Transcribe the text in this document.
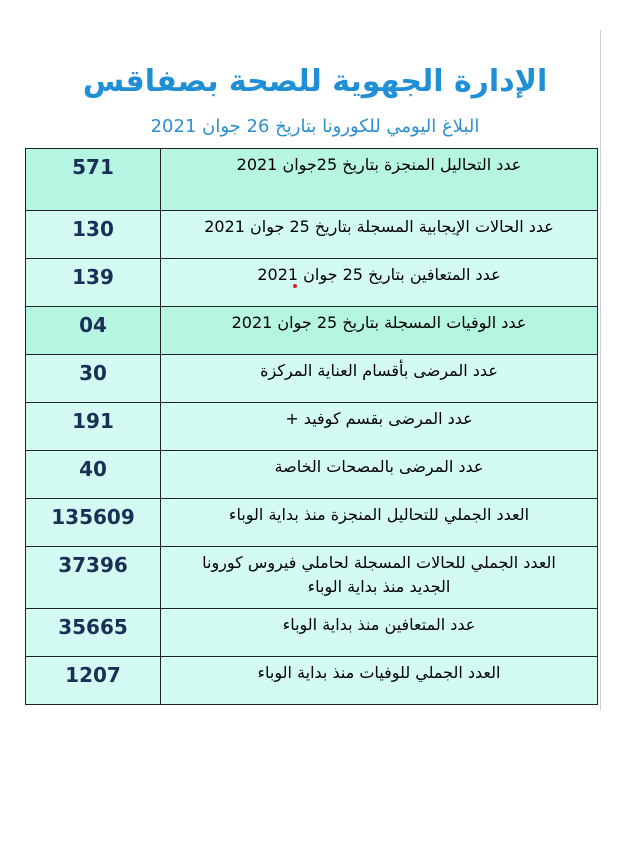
الإدارة الجهوية للصحة بصفاقس
البلاغ اليومي للكورونا بتاريخ 26 جوان 2021
571	عدد التحاليل المنجزة بتاريخ 25جوان 2021
130	عدد الحالات الإيجابية المسجلة بتاريخ 25 جوان 2021
139	عدد المتعافين بتاريخ 25 جوان 2021
04	عدد الوفيات المسجلة بتاريخ 25 جوان 2021
30	عدد المرضى بأقسام العناية المركزة
191	عدد المرضى بقسم كوفيد +
40	عدد المرضى بالمصحات الخاصة
135609	العدد الجملي للتحاليل المنجزة منذ بداية الوباء
37396	العدد الجملي للحالات المسجلة لحاملي فيروس كورونا الجديد منذ بداية الوباء
35665	عدد المتعافين منذ بداية الوباء
1207	العدد الجملي للوفيات منذ بداية الوباء
